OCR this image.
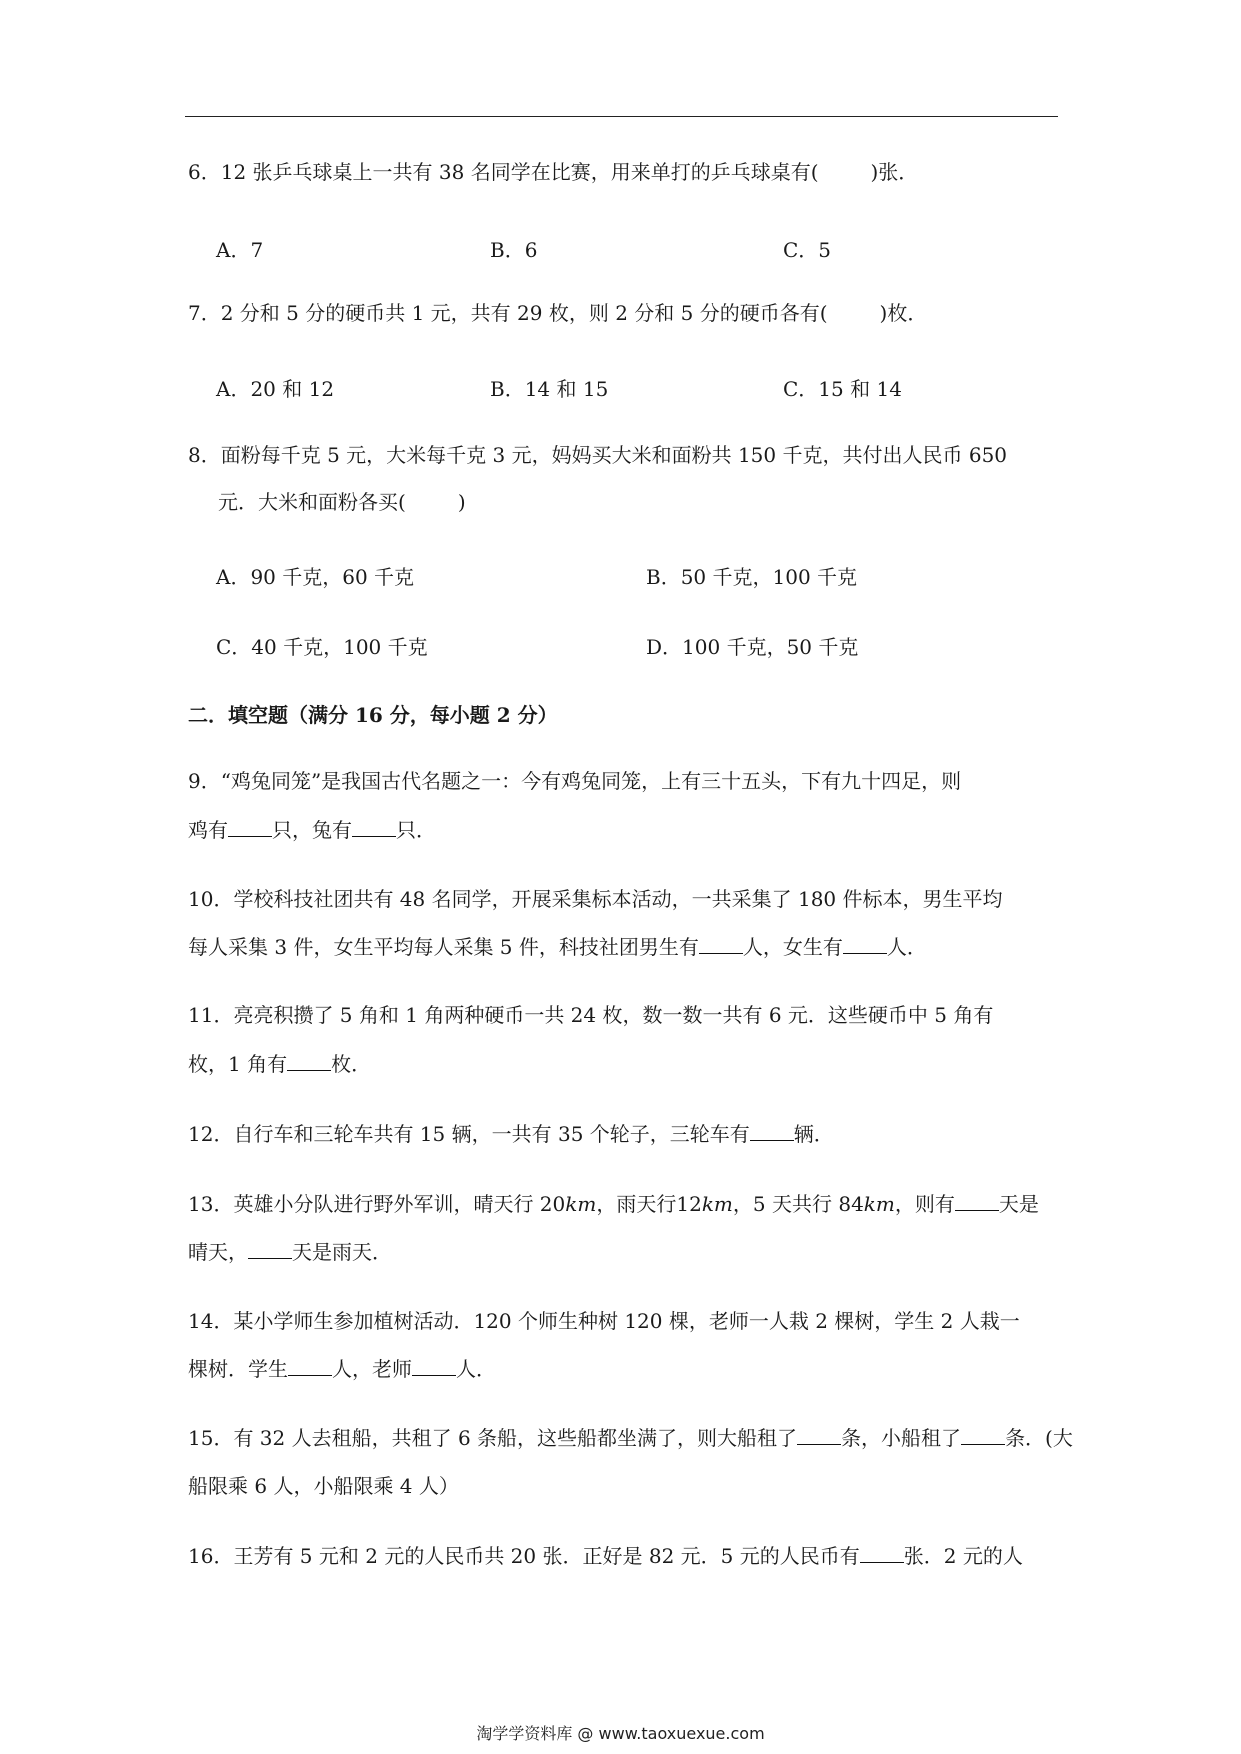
6．12 张乒乓球桌上一共有 38 名同学在比赛，用来单打的乒乓球桌有(	)张．
A．7	B．6	C．5
7．2 分和 5 分的硬币共 1 元，共有 29 枚，则 2 分和 5 分的硬币各有(	)枚．
A．20 和 12	B．14 和 15	C．15 和 14
8．面粉每千克 5 元，大米每千克 3 元，妈妈买大米和面粉共 150 千克，共付出人民币 650
元．大米和面粉各买(	)
A．90 千克，60 千克	B．50 千克，100 千克
C．40 千克，100 千克	D．100 千克，50 千克
二．填空题（满分 16 分，每小题 2 分）
9．“鸡兔同笼”是我国古代名题之一：今有鸡兔同笼，上有三十五头，下有九十四足，则
鸡有 只，兔有 只．
10．学校科技社团共有 48 名同学，开展采集标本活动，一共采集了 180 件标本，男生平均
每人采集 3 件，女生平均每人采集 5 件，科技社团男生有 人，女生有 人．
11．亮亮积攒了 5 角和 1 角两种硬币一共 24 枚，数一数一共有 6 元．这些硬币中 5 角有
枚，1 角有 枚．
12．自行车和三轮车共有 15 辆，一共有 35 个轮子，三轮车有 辆．
13．英雄小分队进行野外军训，晴天行 20km，雨天行12km，5 天共行 84km，则有 天是
晴天， 天是雨天．
14．某小学师生参加植树活动．120 个师生种树 120 棵，老师一人栽 2 棵树，学生 2 人栽一
棵树．学生 人，老师 人．
15．有 32 人去租船，共租了 6 条船，这些船都坐满了，则大船租了 条，小船租了 条．(大
船限乘 6 人，小船限乘 4 人）
16．王芳有 5 元和 2 元的人民币共 20 张．正好是 82 元．5 元的人民币有 张．2 元的人
淘学学资料库 @ www.taoxuexue.com
